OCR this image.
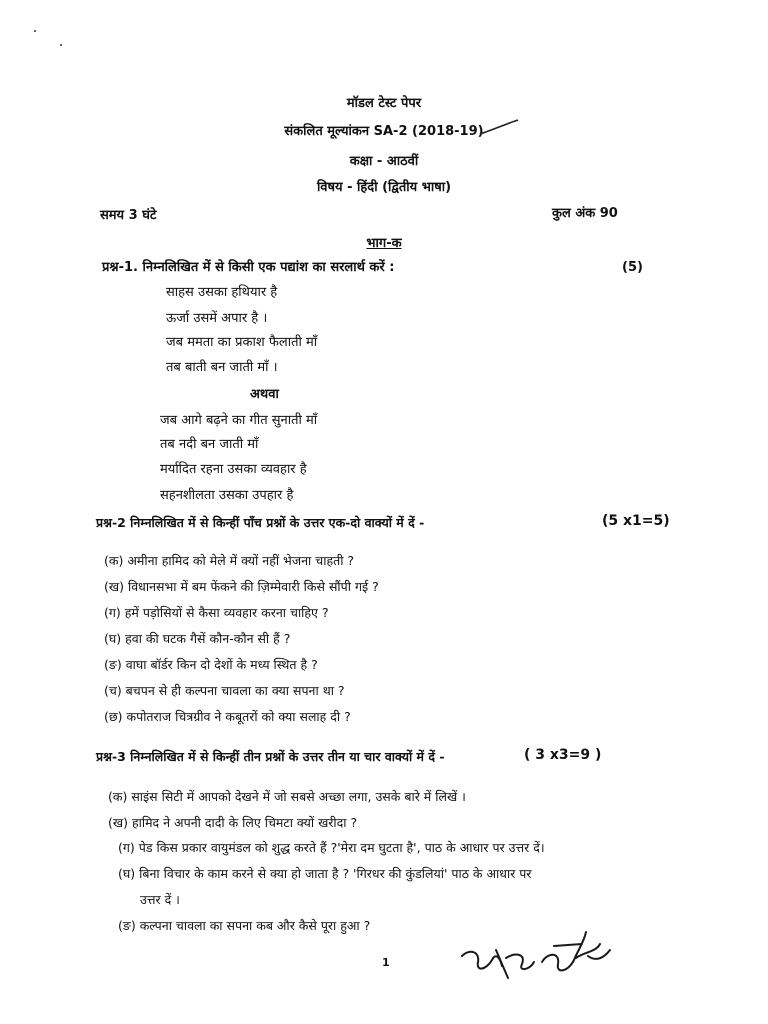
मॉडल टेस्ट पेपर
संकलित मूल्यांकन SA-2 (2018-19)
कक्षा - आठवीं
विषय - हिंदी (द्वितीय भाषा)
समय 3 घंटे	कुल अंक 90
भाग-क
प्रश्न-1. निम्नलिखित में से किसी एक पद्यांश का सरलार्थ करें :	(5)
साहस उसका हथियार है
ऊर्जा उसमें अपार है ।
जब ममता का प्रकाश फैलाती माँ
तब बाती बन जाती माँ ।
अथवा
जब आगे बढ़ने का गीत सुनाती माँ
तब नदी बन जाती माँ
मर्यादित रहना उसका व्यवहार है
सहनशीलता उसका उपहार है
प्रश्न-2 निम्नलिखित में से किन्हीं पाँच प्रश्नों के उत्तर एक-दो वाक्यों में दें -	(5 x1=5)
(क) अमीना हामिद को मेले में क्यों नहीं भेजना चाहती ?
(ख) विधानसभा में बम फेंकने की ज़िम्मेवारी किसे सौंपी गई ?
(ग) हमें पड़ोसियों से कैसा व्यवहार करना चाहिए ?
(घ) हवा की घटक गैसें कौन-कौन सी हैं ?
(ङ) वाघा बॉर्डर किन दो देशों के मध्य स्थित है ?
(च) बचपन से ही कल्पना चावला का क्या सपना था ?
(छ) कपोतराज चित्रग्रीव ने कबूतरों को क्या सलाह दी ?
प्रश्न-3 निम्नलिखित में से किन्हीं तीन प्रश्नों के उत्तर तीन या चार वाक्यों में दें -	( 3 x3=9 )
(क) साइंस सिटी में आपको देखने में जो सबसे अच्छा लगा, उसके बारे में लिखें ।
(ख) हामिद ने अपनी दादी के लिए चिमटा क्यों खरीदा ?
(ग) पेड किस प्रकार वायुमंडल को शुद्ध करते हैं ?'मेरा दम घुटता है', पाठ के आधार पर उत्तर दें।
(घ) बिना विचार के काम करने से क्या हो जाता है ? 'गिरधर की कुंडलियां' पाठ के आधार पर
उत्तर दें ।
(ङ) कल्पना चावला का सपना कब और कैसे पूरा हुआ ?
1
